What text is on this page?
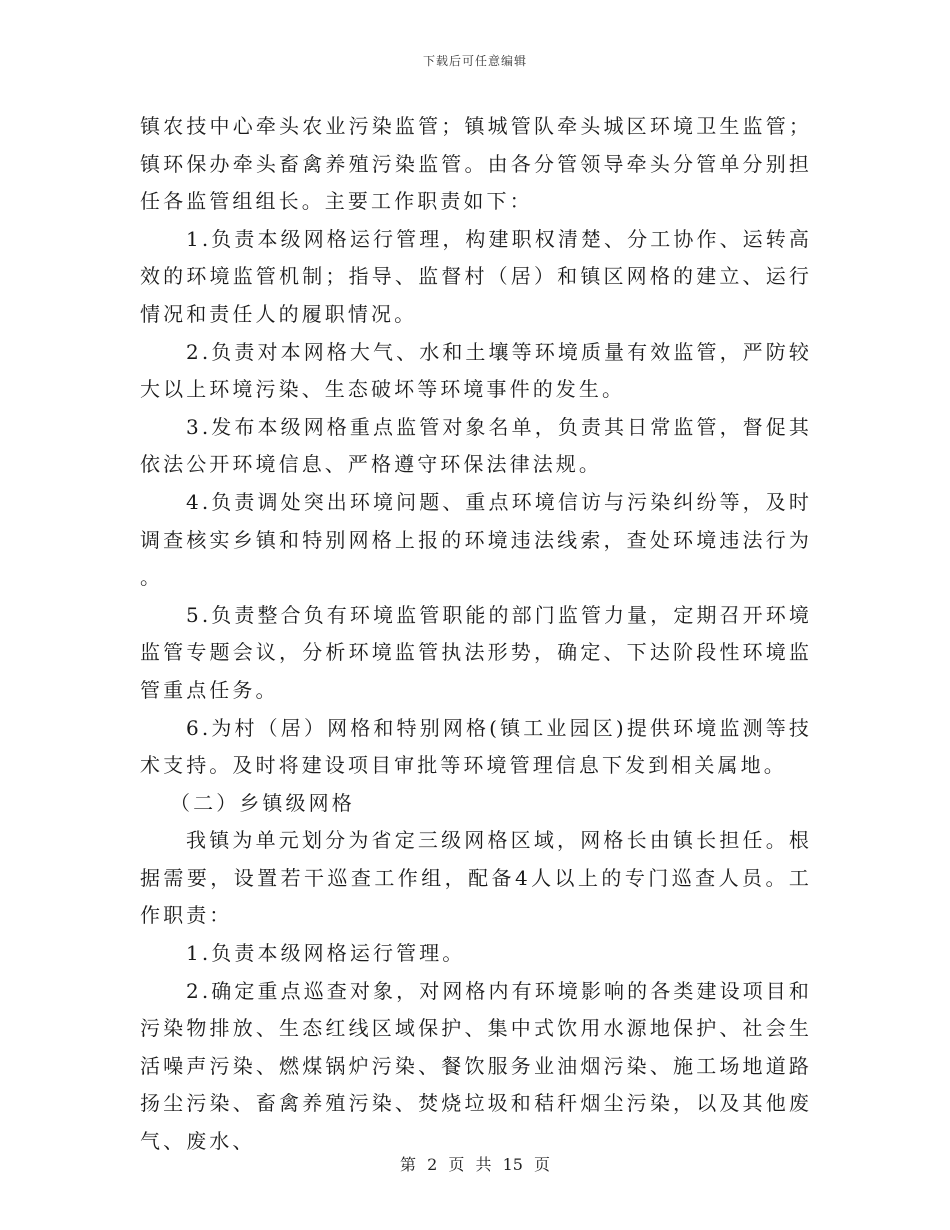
下载后可任意编辑

镇农技中心牵头农业污染监管；镇城管队牵头城区环境卫生监管；镇环保办牵头畜禽养殖污染监管。由各分管领导牵头分管单分别担任各监管组组长。主要工作职责如下：

1.负责本级网格运行管理，构建职权清楚、分工协作、运转高效的环境监管机制；指导、监督村（居）和镇区网格的建立、运行情况和责任人的履职情况。

2.负责对本网格大气、水和土壤等环境质量有效监管，严防较大以上环境污染、生态破坏等环境事件的发生。

3.发布本级网格重点监管对象名单，负责其日常监管，督促其依法公开环境信息、严格遵守环保法律法规。

4.负责调处突出环境问题、重点环境信访与污染纠纷等，及时调查核实乡镇和特别网格上报的环境违法线索，查处环境违法行为。

5.负责整合负有环境监管职能的部门监管力量，定期召开环境监管专题会议，分析环境监管执法形势，确定、下达阶段性环境监管重点任务。

6.为村（居）网格和特别网格(镇工业园区)提供环境监测等技术支持。及时将建设项目审批等环境管理信息下发到相关属地。

（二）乡镇级网格

我镇为单元划分为省定三级网格区域，网格长由镇长担任。根据需要，设置若干巡查工作组，配备4人以上的专门巡查人员。工作职责：

1.负责本级网格运行管理。

2.确定重点巡查对象，对网格内有环境影响的各类建设项目和污染物排放、生态红线区域保护、集中式饮用水源地保护、社会生活噪声污染、燃煤锅炉污染、餐饮服务业油烟污染、施工场地道路扬尘污染、畜禽养殖污染、焚烧垃圾和秸秆烟尘污染，以及其他废气、废水、

第 2 页 共 15 页
